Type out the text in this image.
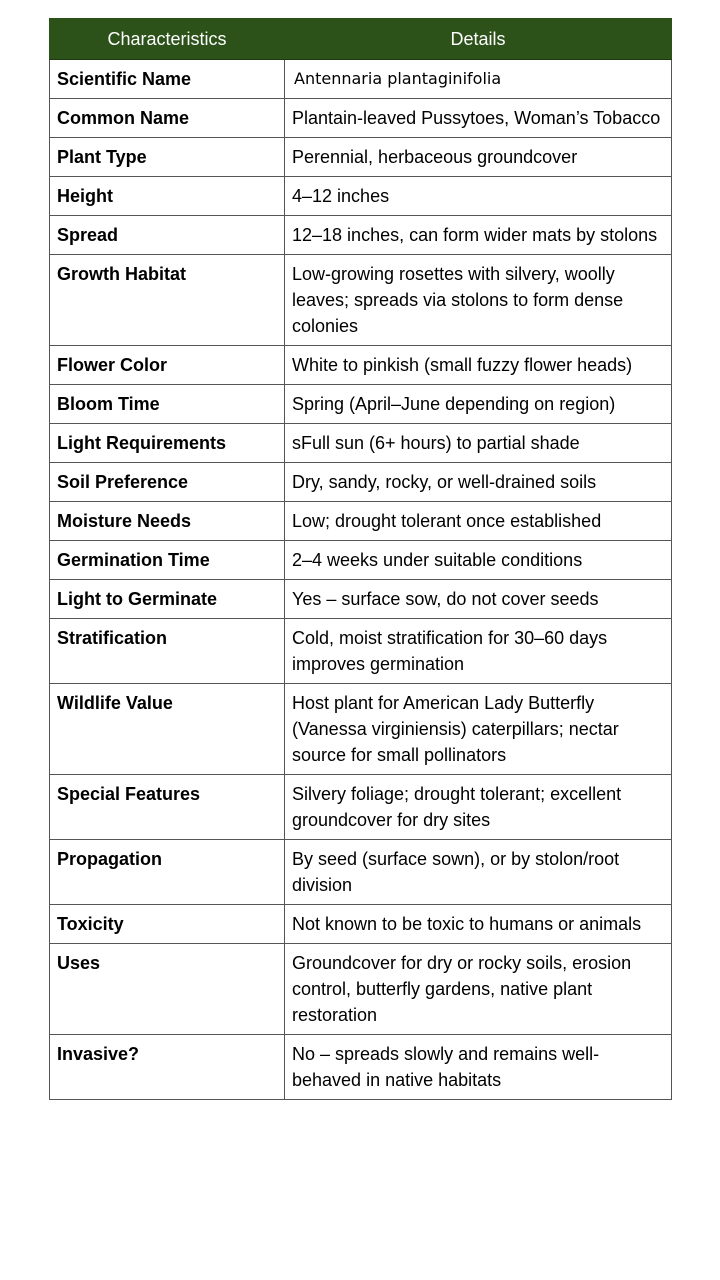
Characteristics	Details
Scientific Name	Antennaria plantaginifolia
Common Name	Plantain-leaved Pussytoes, Woman’s Tobacco
Plant Type	Perennial, herbaceous groundcover
Height	4–12 inches
Spread	12–18 inches, can form wider mats by stolons
Growth Habitat	Low-growing rosettes with silvery, woolly leaves; spreads via stolons to form dense colonies
Flower Color	White to pinkish (small fuzzy flower heads)
Bloom Time	Spring (April–June depending on region)
Light Requirements	sFull sun (6+ hours) to partial shade
Soil Preference	Dry, sandy, rocky, or well-drained soils
Moisture Needs	Low; drought tolerant once established
Germination Time	2–4 weeks under suitable conditions
Light to Germinate	Yes – surface sow, do not cover seeds
Stratification	Cold, moist stratification for 30–60 days improves germination
Wildlife Value	Host plant for American Lady Butterfly (Vanessa virginiensis) caterpillars; nectar source for small pollinators
Special Features	Silvery foliage; drought tolerant; excellent groundcover for dry sites
Propagation	By seed (surface sown), or by stolon/root division
Toxicity	Not known to be toxic to humans or animals
Uses	Groundcover for dry or rocky soils, erosion control, butterfly gardens, native plant restoration
Invasive?	No – spreads slowly and remains well-behaved in native habitats
